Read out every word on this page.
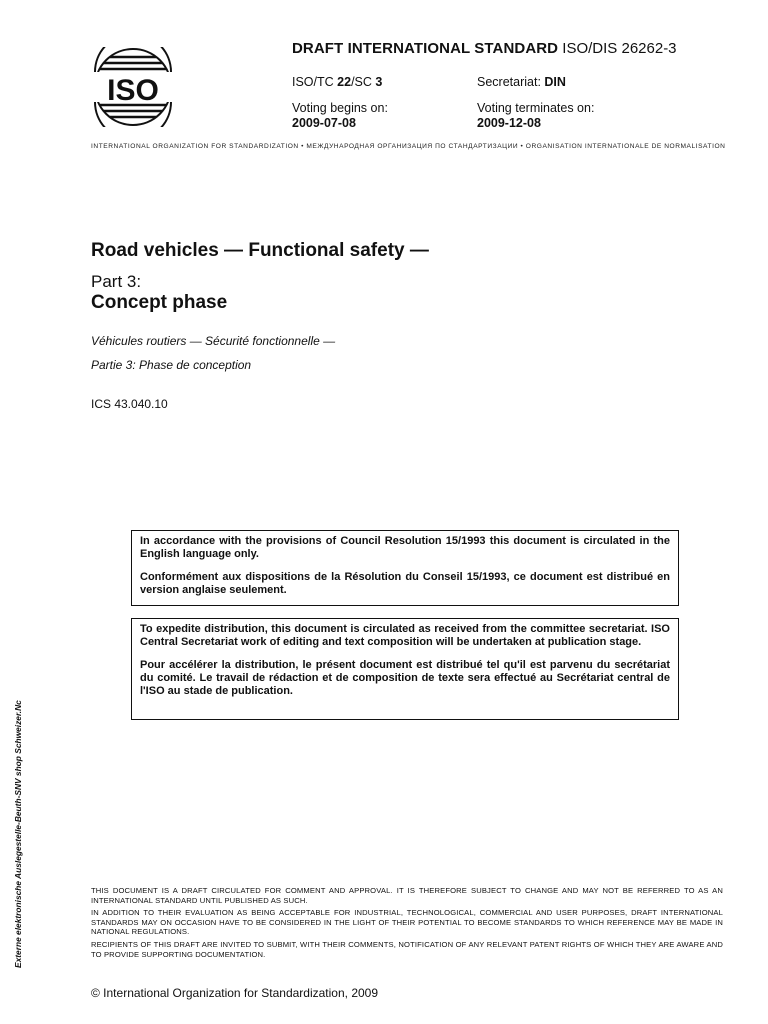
ISO
DRAFT INTERNATIONAL STANDARD ISO/DIS 26262-3
ISO/TC 22/SC 3	Secretariat: DIN
Voting begins on:
2009-07-08
Voting terminates on:
2009-12-08
INTERNATIONAL ORGANIZATION FOR STANDARDIZATION • МЕЖДУНАРОДНАЯ ОРГАНИЗАЦИЯ ПО СТАНДАРТИЗАЦИИ • ORGANISATION INTERNATIONALE DE NORMALISATION
Road vehicles — Functional safety —
Part 3:
Concept phase
Véhicules routiers — Sécurité fonctionnelle —
Partie 3: Phase de conception
ICS 43.040.10

In accordance with the provisions of Council Resolution 15/1993 this document is circulated in the English language only.

Conformément aux dispositions de la Résolution du Conseil 15/1993, ce document est distribué en version anglaise seulement.

To expedite distribution, this document is circulated as received from the committee secretariat. ISO Central Secretariat work of editing and text composition will be undertaken at publication stage.

Pour accélérer la distribution, le présent document est distribué tel qu'il est parvenu du secrétariat du comité. Le travail de rédaction et de composition de texte sera effectué au Secrétariat central de l'ISO au stade de publication.

Externe elektronische Auslegestelle-Beuth-SNV shop Schweizer.Nc	THIS DOCUMENT IS A DRAFT CIRCULATED FOR COMMENT AND APPROVAL. IT IS THEREFORE SUBJECT TO CHANGE AND MAY NOT BE REFERRED TO AS AN INTERNATIONAL STANDARD UNTIL PUBLISHED AS SUCH.

IN ADDITION TO THEIR EVALUATION AS BEING ACCEPTABLE FOR INDUSTRIAL, TECHNOLOGICAL, COMMERCIAL AND USER PURPOSES, DRAFT INTERNATIONAL STANDARDS MAY ON OCCASION HAVE TO BE CONSIDERED IN THE LIGHT OF THEIR POTENTIAL TO BECOME STANDARDS TO WHICH REFERENCE MAY BE MADE IN NATIONAL REGULATIONS.

RECIPIENTS OF THIS DRAFT ARE INVITED TO SUBMIT, WITH THEIR COMMENTS, NOTIFICATION OF ANY RELEVANT PATENT RIGHTS OF WHICH THEY ARE AWARE AND TO PROVIDE SUPPORTING DOCUMENTATION.

© International Organization for Standardization, 2009
